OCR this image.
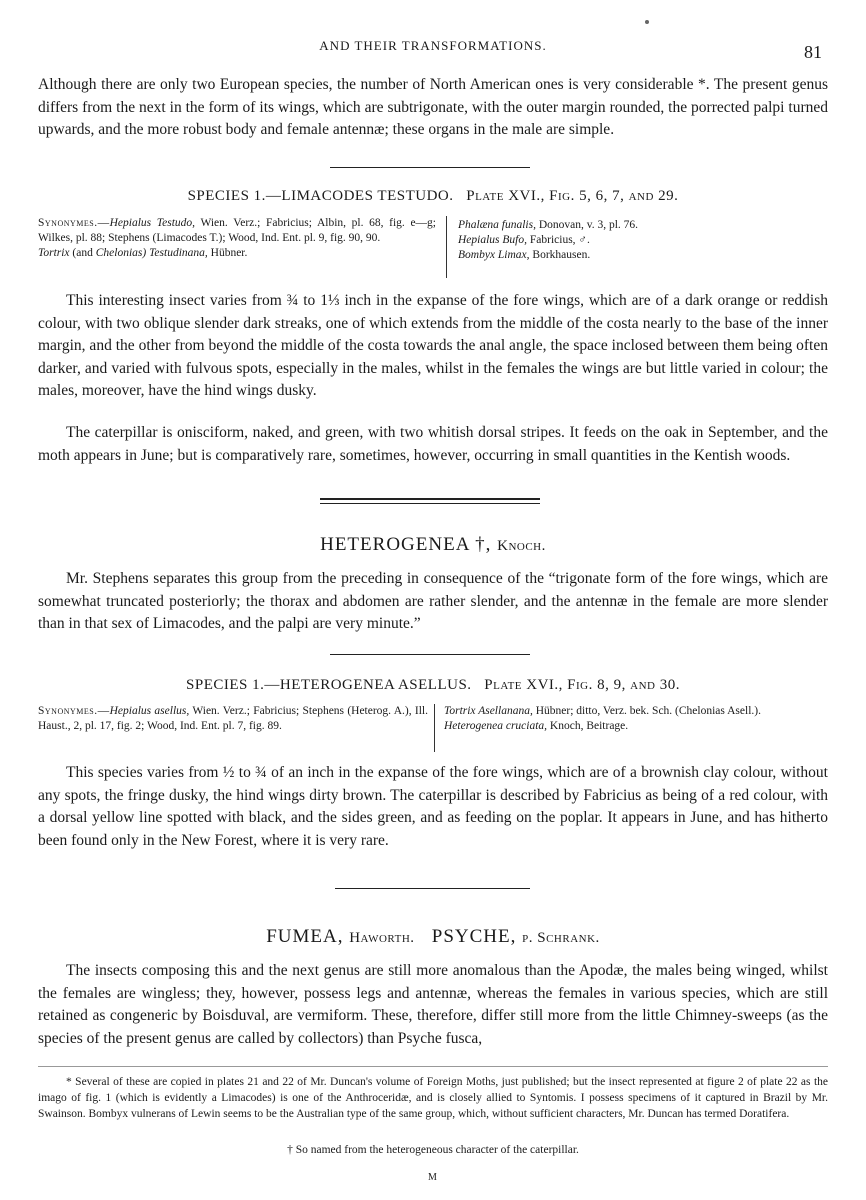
AND THEIR TRANSFORMATIONS.	81

Although there are only two European species, the number of North American ones is very considerable *. The present genus differs from the next in the form of its wings, which are subtrigonate, with the outer margin rounded, the porrected palpi turned upwards, and the more robust body and female antennæ; these organs in the male are simple.

SPECIES 1.—LIMACODES TESTUDO. Plate XVI., Fig. 5, 6, 7, and 29.
Synonymes.—Hepialus Testudo, Wien. Verz.; Fabricius; Albin, pl. 68, fig. e—g; Wilkes, pl. 88; Stephens (Limacodes T.); Wood, Ind. Ent. pl. 9, fig. 90, 90.
Tortrix (and Chelonias) Testudinana, Hübner.
Phalæna funalis, Donovan, v. 3, pl. 76.
Hepialus Bufo, Fabricius, ♂.
Bombyx Limax, Borkhausen.

This interesting insect varies from ¾ to 1⅓ inch in the expanse of the fore wings, which are of a dark orange or reddish colour, with two oblique slender dark streaks, one of which extends from the middle of the costa nearly to the base of the inner margin, and the other from beyond the middle of the costa towards the anal angle, the space inclosed between them being often darker, and varied with fulvous spots, especially in the males, whilst in the females the wings are but little varied in colour; the males, moreover, have the hind wings dusky.

The caterpillar is onisciform, naked, and green, with two whitish dorsal stripes. It feeds on the oak in September, and the moth appears in June; but is comparatively rare, sometimes, however, occurring in small quantities in the Kentish woods.

HETEROGENEA †, Knoch.

Mr. Stephens separates this group from the preceding in consequence of the “trigonate form of the fore wings, which are somewhat truncated posteriorly; the thorax and abdomen are rather slender, and the antennæ in the female are more slender than in that sex of Limacodes, and the palpi are very minute.”

SPECIES 1.—HETEROGENEA ASELLUS. Plate XVI., Fig. 8, 9, and 30.
Synonymes.—Hepialus asellus, Wien. Verz.; Fabricius; Stephens (Heterog. A.), Ill. Haust., 2, pl. 17, fig. 2; Wood, Ind. Ent. pl. 7, fig. 89.
Tortrix Asellanana, Hübner; ditto, Verz. bek. Sch. (Chelonias Asell.).
Heterogenea cruciata, Knoch, Beitrage.

This species varies from ½ to ¾ of an inch in the expanse of the fore wings, which are of a brownish clay colour, without any spots, the fringe dusky, the hind wings dirty brown. The caterpillar is described by Fabricius as being of a red colour, with a dorsal yellow line spotted with black, and the sides green, and as feeding on the poplar. It appears in June, and has hitherto been found only in the New Forest, where it is very rare.

FUMEA, Haworth. PSYCHE, p. Schrank.

The insects composing this and the next genus are still more anomalous than the Apodæ, the males being winged, whilst the females are wingless; they, however, possess legs and antennæ, whereas the females in various species, which are still retained as congeneric by Boisduval, are vermiform. These, therefore, differ still more from the little Chimney-sweeps (as the species of the present genus are called by collectors) than Psyche fusca,

* Several of these are copied in plates 21 and 22 of Mr. Duncan's volume of Foreign Moths, just published; but the insect represented at figure 2 of plate 22 as the imago of fig. 1 (which is evidently a Limacodes) is one of the Anthroceridæ, and is closely allied to Syntomis. I possess specimens of it captured in Brazil by Mr. Swainson. Bombyx vulnerans of Lewin seems to be the Australian type of the same group, which, without sufficient characters, Mr. Duncan has termed Doratifera.

† So named from the heterogeneous character of the caterpillar.

M
